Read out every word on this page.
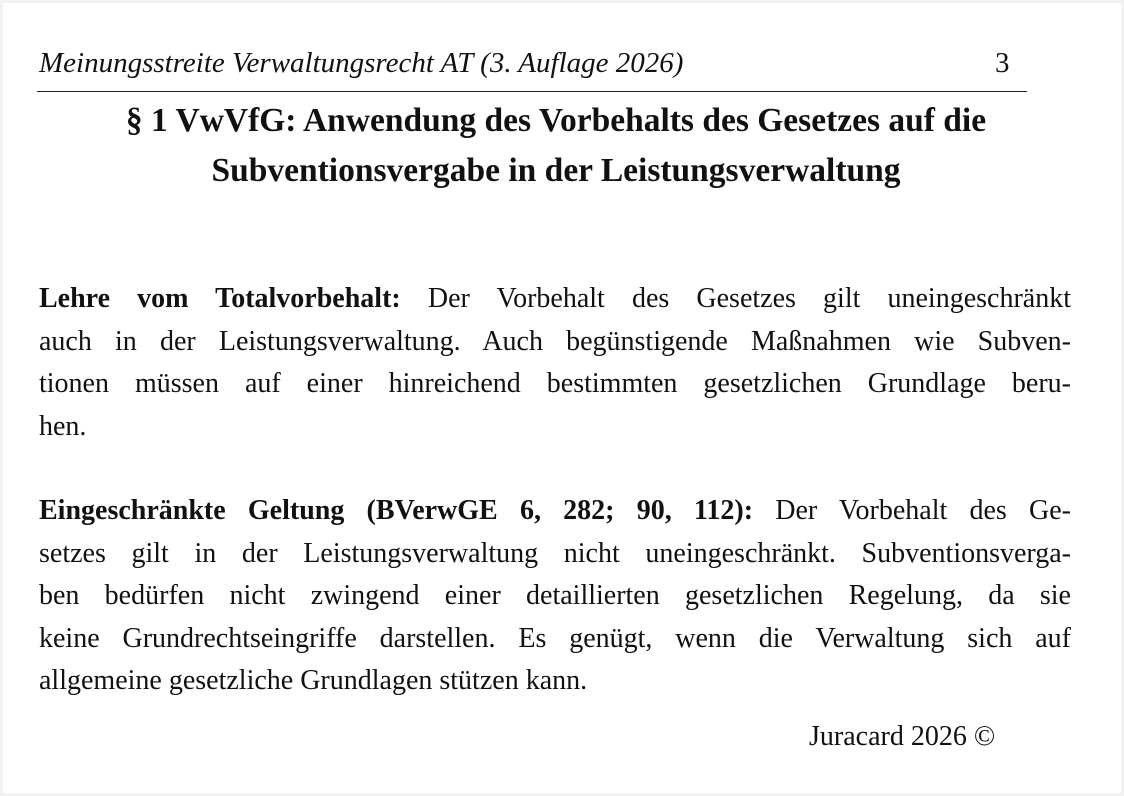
Meinungsstreite Verwaltungsrecht AT (3. Auflage 2026)	3
§ 1 VwVfG: Anwendung des Vorbehalts des Gesetzes auf die
Subventionsvergabe in der Leistungsverwaltung
Lehre vom Totalvorbehalt: Der Vorbehalt des Gesetzes gilt uneingeschränkt
auch in der Leistungsverwaltung. Auch begünstigende Maßnahmen wie Subven-
tionen müssen auf einer hinreichend bestimmten gesetzlichen Grundlage beru-
hen.
Eingeschränkte Geltung (BVerwGE 6, 282; 90, 112): Der Vorbehalt des Ge-
setzes gilt in der Leistungsverwaltung nicht uneingeschränkt. Subventionsverga-
ben bedürfen nicht zwingend einer detaillierten gesetzlichen Regelung, da sie
keine Grundrechtseingriffe darstellen. Es genügt, wenn die Verwaltung sich auf
allgemeine gesetzliche Grundlagen stützen kann.
Juracard 2026 ©
